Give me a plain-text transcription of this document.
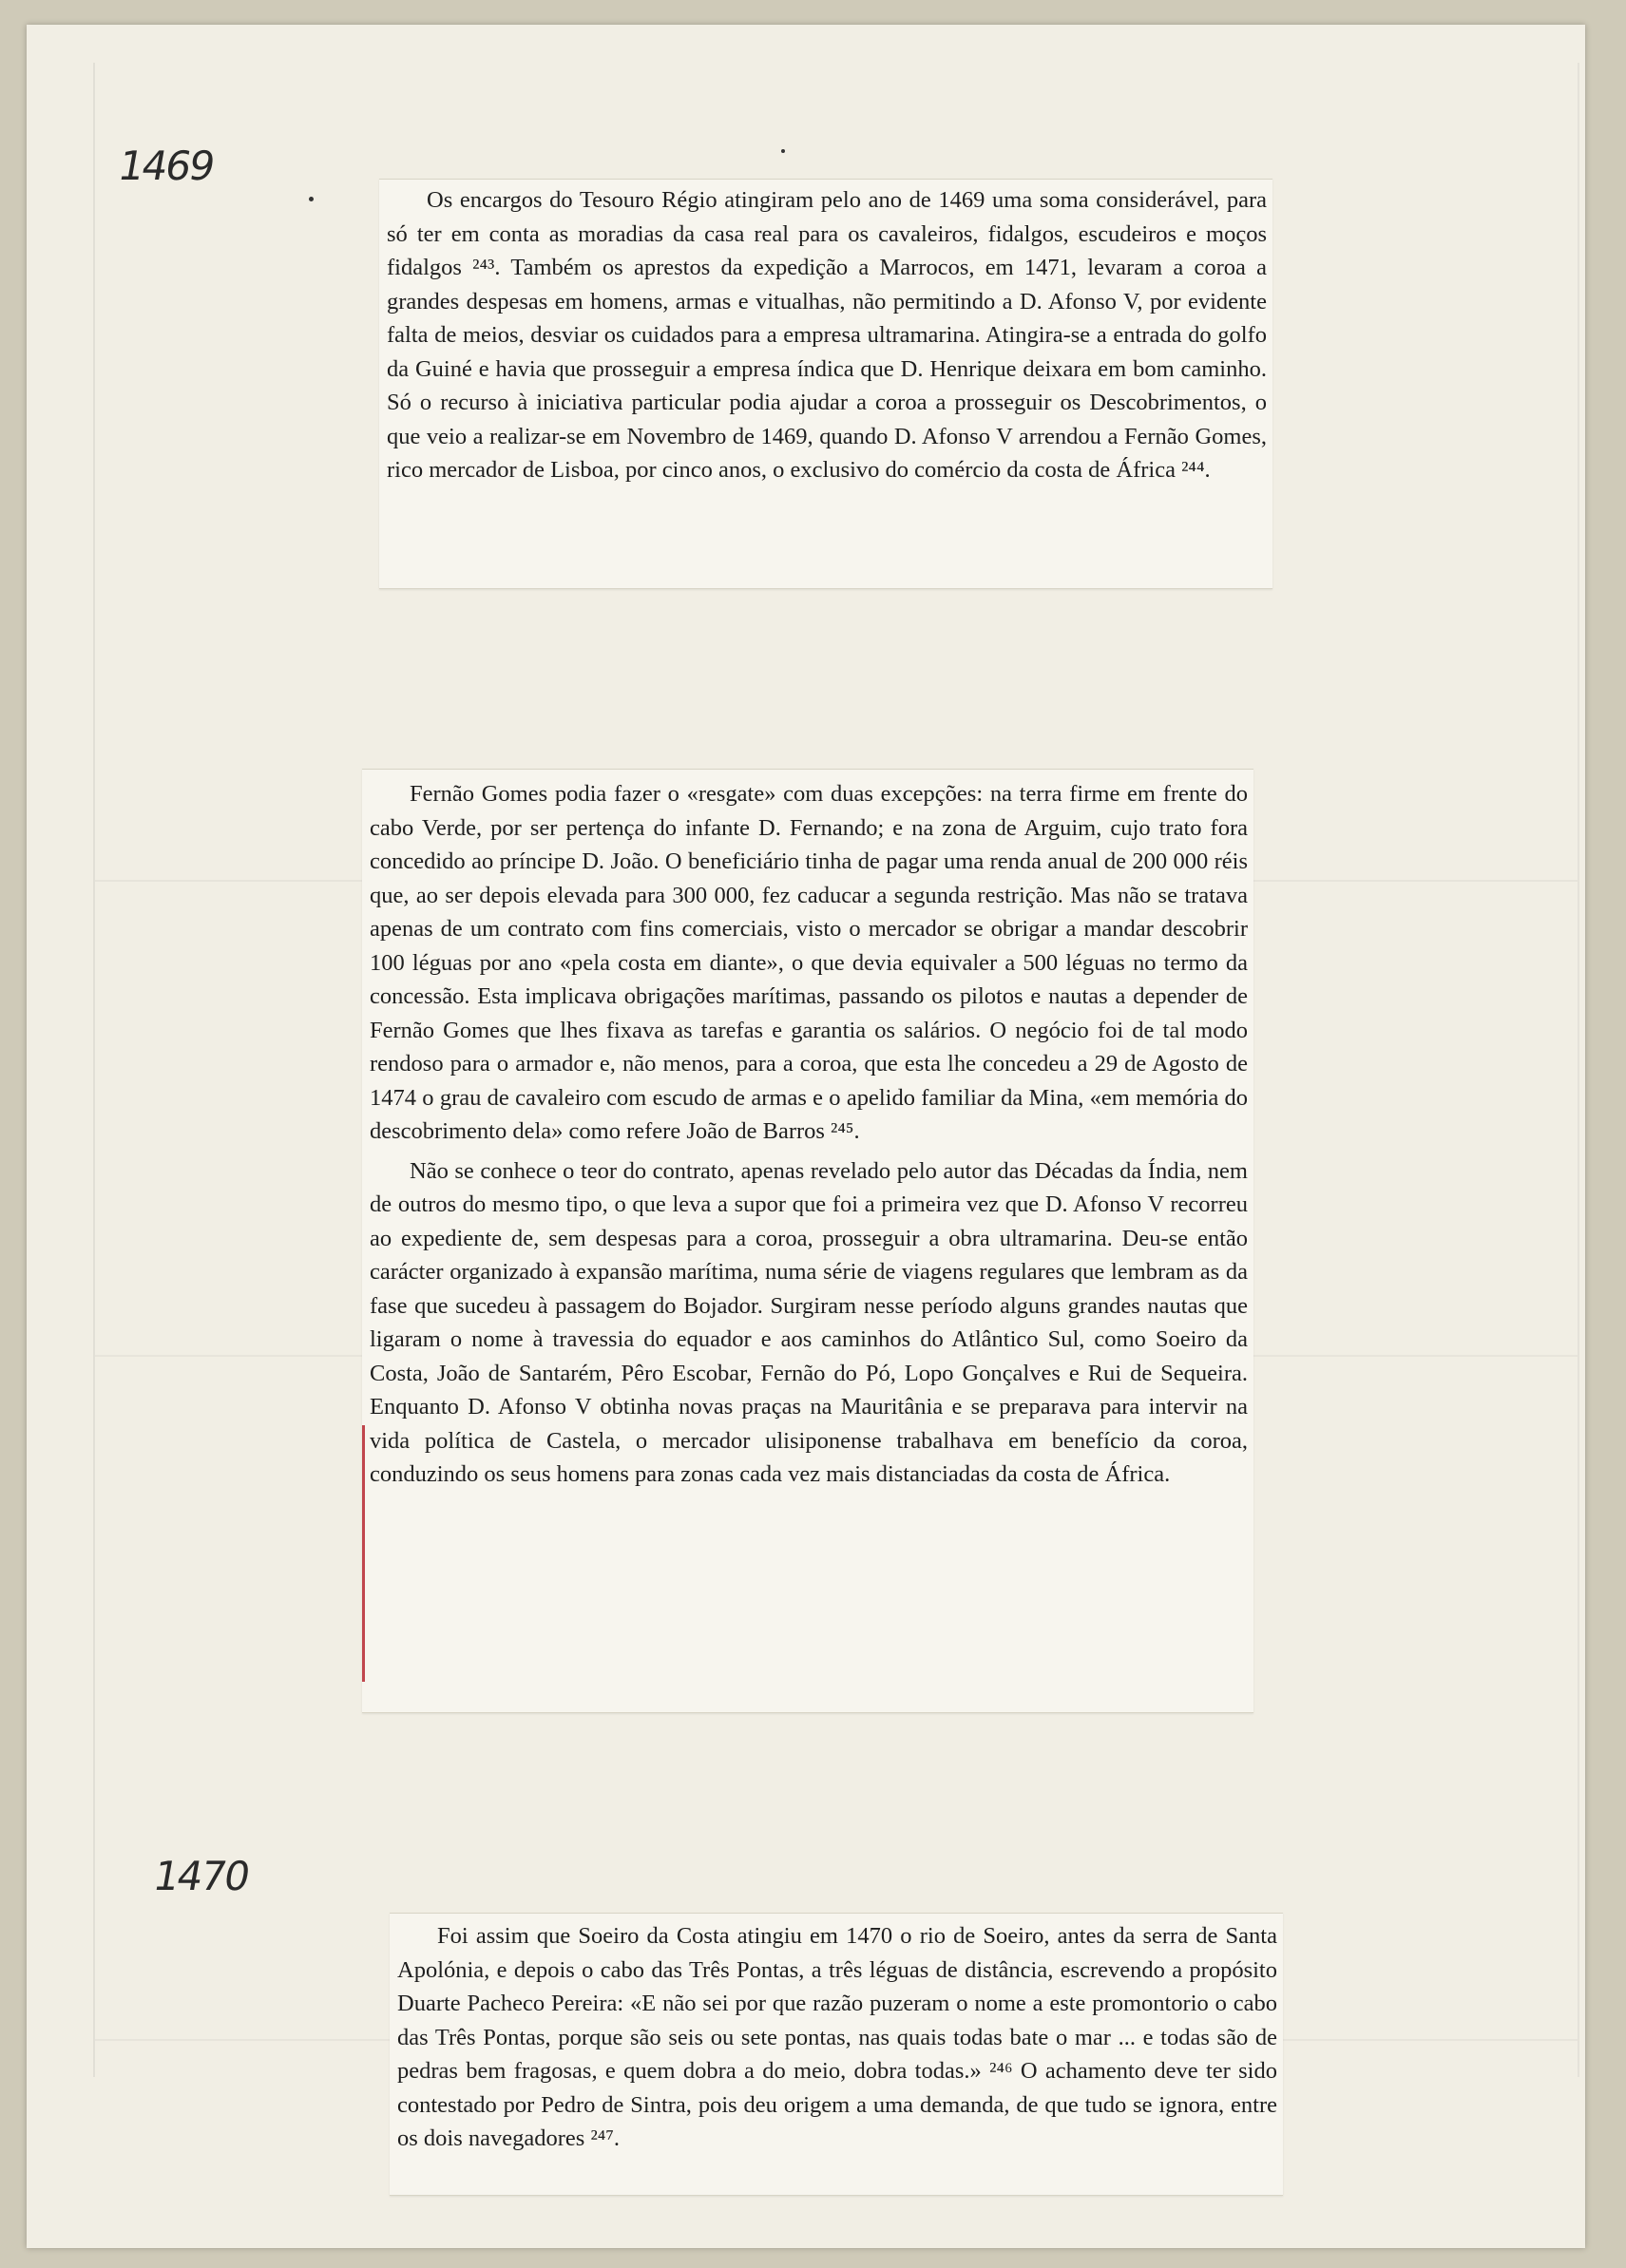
1469

Os encargos do Tesouro Régio atingiram pelo ano de 1469 uma soma considerável, para só ter em conta as moradias da casa real para os cavaleiros, fidalgos, escudeiros e moços fidalgos ²⁴³. Também os aprestos da expedição a Marrocos, em 1471, levaram a coroa a grandes despesas em homens, armas e vitualhas, não permitindo a D. Afonso V, por evidente falta de meios, desviar os cuidados para a empresa ultramarina. Atingira-se a entrada do golfo da Guiné e havia que prosseguir a empresa índica que D. Henrique deixara em bom caminho. Só o recurso à iniciativa particular podia ajudar a coroa a prosseguir os Descobrimentos, o que veio a realizar-se em Novembro de 1469, quando D. Afonso V arrendou a Fernão Gomes, rico mercador de Lisboa, por cinco anos, o exclusivo do comércio da costa de África ²⁴⁴.

Fernão Gomes podia fazer o «resgate» com duas excepções: na terra firme em frente do cabo Verde, por ser pertença do infante D. Fernando; e na zona de Arguim, cujo trato fora concedido ao príncipe D. João. O beneficiário tinha de pagar uma renda anual de 200 000 réis que, ao ser depois elevada para 300 000, fez caducar a segunda restrição. Mas não se tratava apenas de um contrato com fins comerciais, visto o mercador se obrigar a mandar descobrir 100 léguas por ano «pela costa em diante», o que devia equivaler a 500 léguas no termo da concessão. Esta implicava obrigações marítimas, passando os pilotos e nautas a depender de Fernão Gomes que lhes fixava as tarefas e garantia os salários. O negócio foi de tal modo rendoso para o armador e, não menos, para a coroa, que esta lhe concedeu a 29 de Agosto de 1474 o grau de cavaleiro com escudo de armas e o apelido familiar da Mina, «em memória do descobrimento dela» como refere João de Barros ²⁴⁵.

Não se conhece o teor do contrato, apenas revelado pelo autor das Décadas da Índia, nem de outros do mesmo tipo, o que leva a supor que foi a primeira vez que D. Afonso V recorreu ao expediente de, sem despesas para a coroa, prosseguir a obra ultramarina. Deu-se então carácter organizado à expansão marítima, numa série de viagens regulares que lembram as da fase que sucedeu à passagem do Bojador. Surgiram nesse período alguns grandes nautas que ligaram o nome à travessia do equador e aos caminhos do Atlântico Sul, como Soeiro da Costa, João de Santarém, Pêro Escobar, Fernão do Pó, Lopo Gonçalves e Rui de Sequeira. Enquanto D. Afonso V obtinha novas praças na Mauritânia e se preparava para intervir na vida política de Castela, o mercador ulisiponense trabalhava em benefício da coroa, conduzindo os seus homens para zonas cada vez mais distanciadas da costa de África.

1470

Foi assim que Soeiro da Costa atingiu em 1470 o rio de Soeiro, antes da serra de Santa Apolónia, e depois o cabo das Três Pontas, a três léguas de distância, escrevendo a propósito Duarte Pacheco Pereira: «E não sei por que razão puzeram o nome a este promontorio o cabo das Três Pontas, porque são seis ou sete pontas, nas quais todas bate o mar ... e todas são de pedras bem fragosas, e quem dobra a do meio, dobra todas.» ²⁴⁶ O achamento deve ter sido contestado por Pedro de Sintra, pois deu origem a uma demanda, de que tudo se ignora, entre os dois navegadores ²⁴⁷.
